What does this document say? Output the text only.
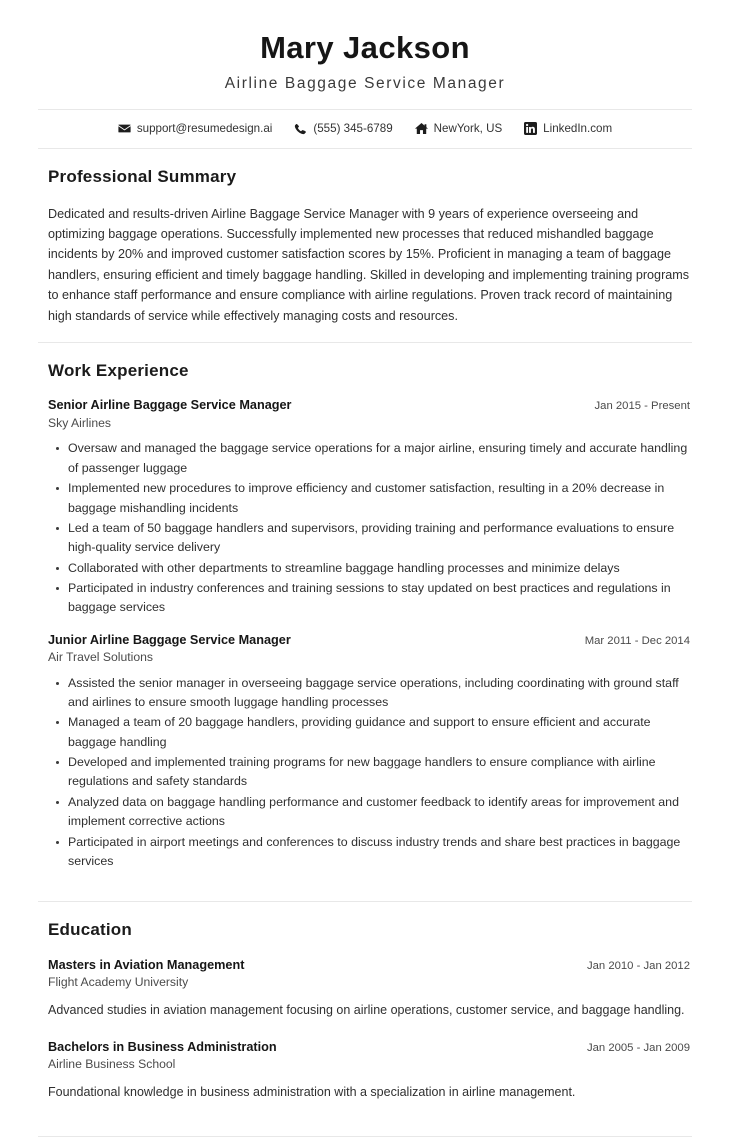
Mary Jackson
Airline Baggage Service Manager
support@resumedesign.ai	(555) 345-6789	NewYork, US	LinkedIn.com
Professional Summary

Dedicated and results-driven Airline Baggage Service Manager with 9 years of experience overseeing and optimizing baggage operations. Successfully implemented new processes that reduced mishandled baggage incidents by 20% and improved customer satisfaction scores by 15%. Proficient in managing a team of baggage handlers, ensuring efficient and timely baggage handling. Skilled in developing and implementing training programs to enhance staff performance and ensure compliance with airline regulations. Proven track record of maintaining high standards of service while effectively managing costs and resources.

Work Experience
Senior Airline Baggage Service Manager	Jan 2015 - Present
Sky Airlines
Oversaw and managed the baggage service operations for a major airline, ensuring timely and accurate handling of passenger luggage
Implemented new procedures to improve efficiency and customer satisfaction, resulting in a 20% decrease in baggage mishandling incidents
Led a team of 50 baggage handlers and supervisors, providing training and performance evaluations to ensure high-quality service delivery
Collaborated with other departments to streamline baggage handling processes and minimize delays
Participated in industry conferences and training sessions to stay updated on best practices and regulations in baggage services
Junior Airline Baggage Service Manager	Mar 2011 - Dec 2014
Air Travel Solutions
Assisted the senior manager in overseeing baggage service operations, including coordinating with ground staff and airlines to ensure smooth luggage handling processes
Managed a team of 20 baggage handlers, providing guidance and support to ensure efficient and accurate baggage handling
Developed and implemented training programs for new baggage handlers to ensure compliance with airline regulations and safety standards
Analyzed data on baggage handling performance and customer feedback to identify areas for improvement and implement corrective actions
Participated in airport meetings and conferences to discuss industry trends and share best practices in baggage services
Education
Masters in Aviation Management	Jan 2010 - Jan 2012
Flight Academy University

Advanced studies in aviation management focusing on airline operations, customer service, and baggage handling.

Bachelors in Business Administration	Jan 2005 - Jan 2009
Airline Business School

Foundational knowledge in business administration with a specialization in airline management.
